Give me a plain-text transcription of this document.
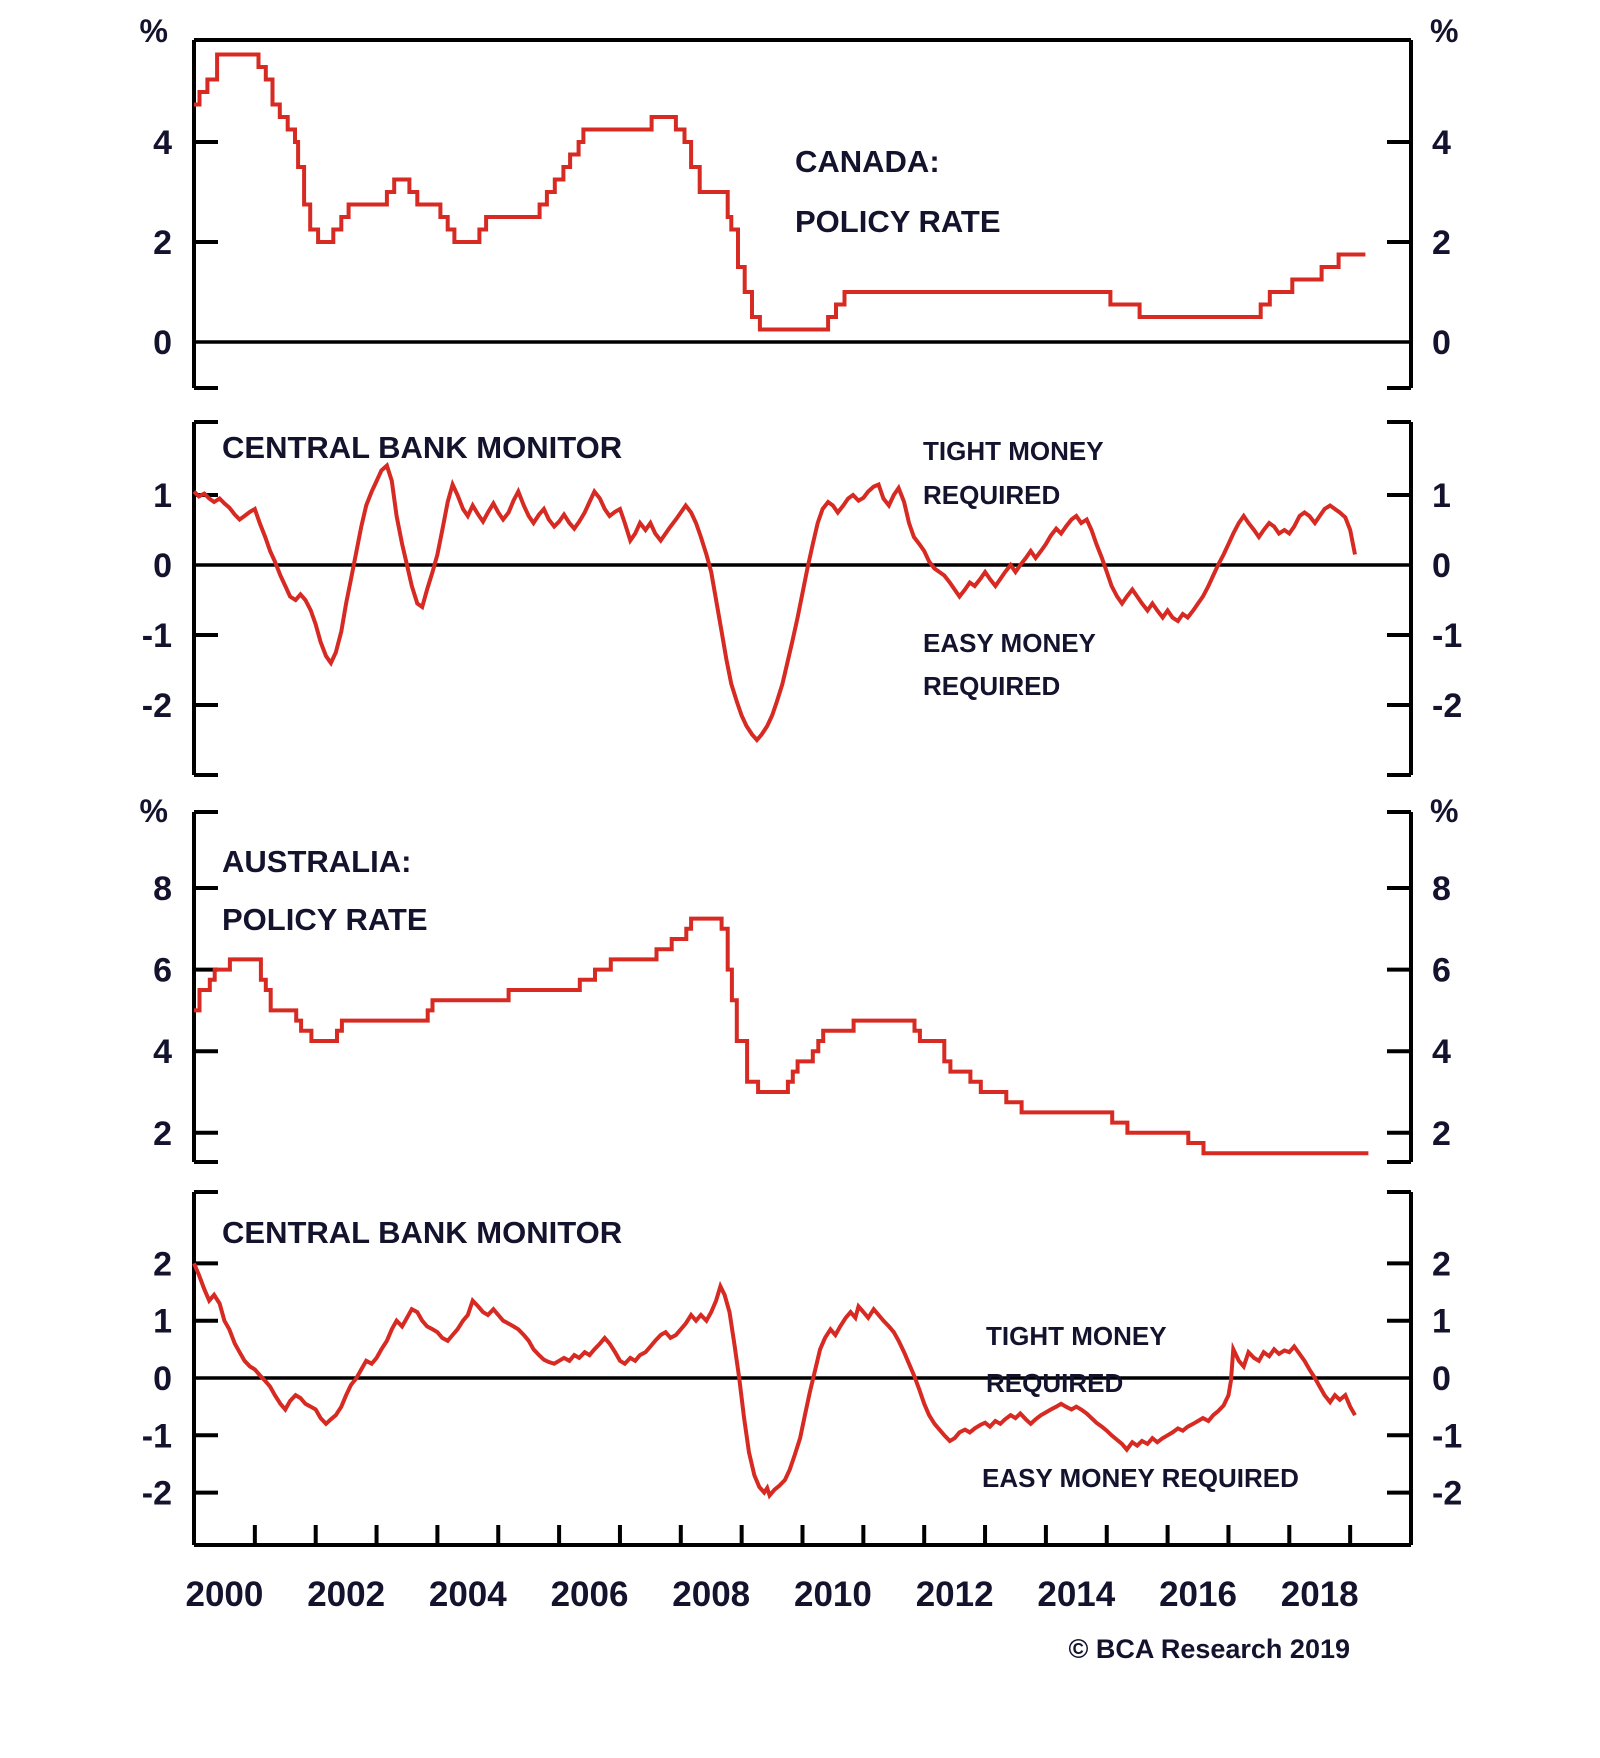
4	4
2	2
0	0
%	%
CANADA:
POLICY RATE
1	1
0	0
-1	-1
-2	-2
CENTRAL BANK MONITOR	TIGHT MONEY
REQUIRED
EASY MONEY
REQUIRED
8	8
6	6
4	4
2	2
%	%
AUSTRALIA:
POLICY RATE
2	2
1	1
0	0
-1	-1
-2	-2
CENTRAL BANK MONITOR
TIGHT MONEY
REQUIRED
EASY MONEY REQUIRED
2000 2002 2004 2006 2008 2010 2012 2014 2016 2018
© BCA Research 2019
